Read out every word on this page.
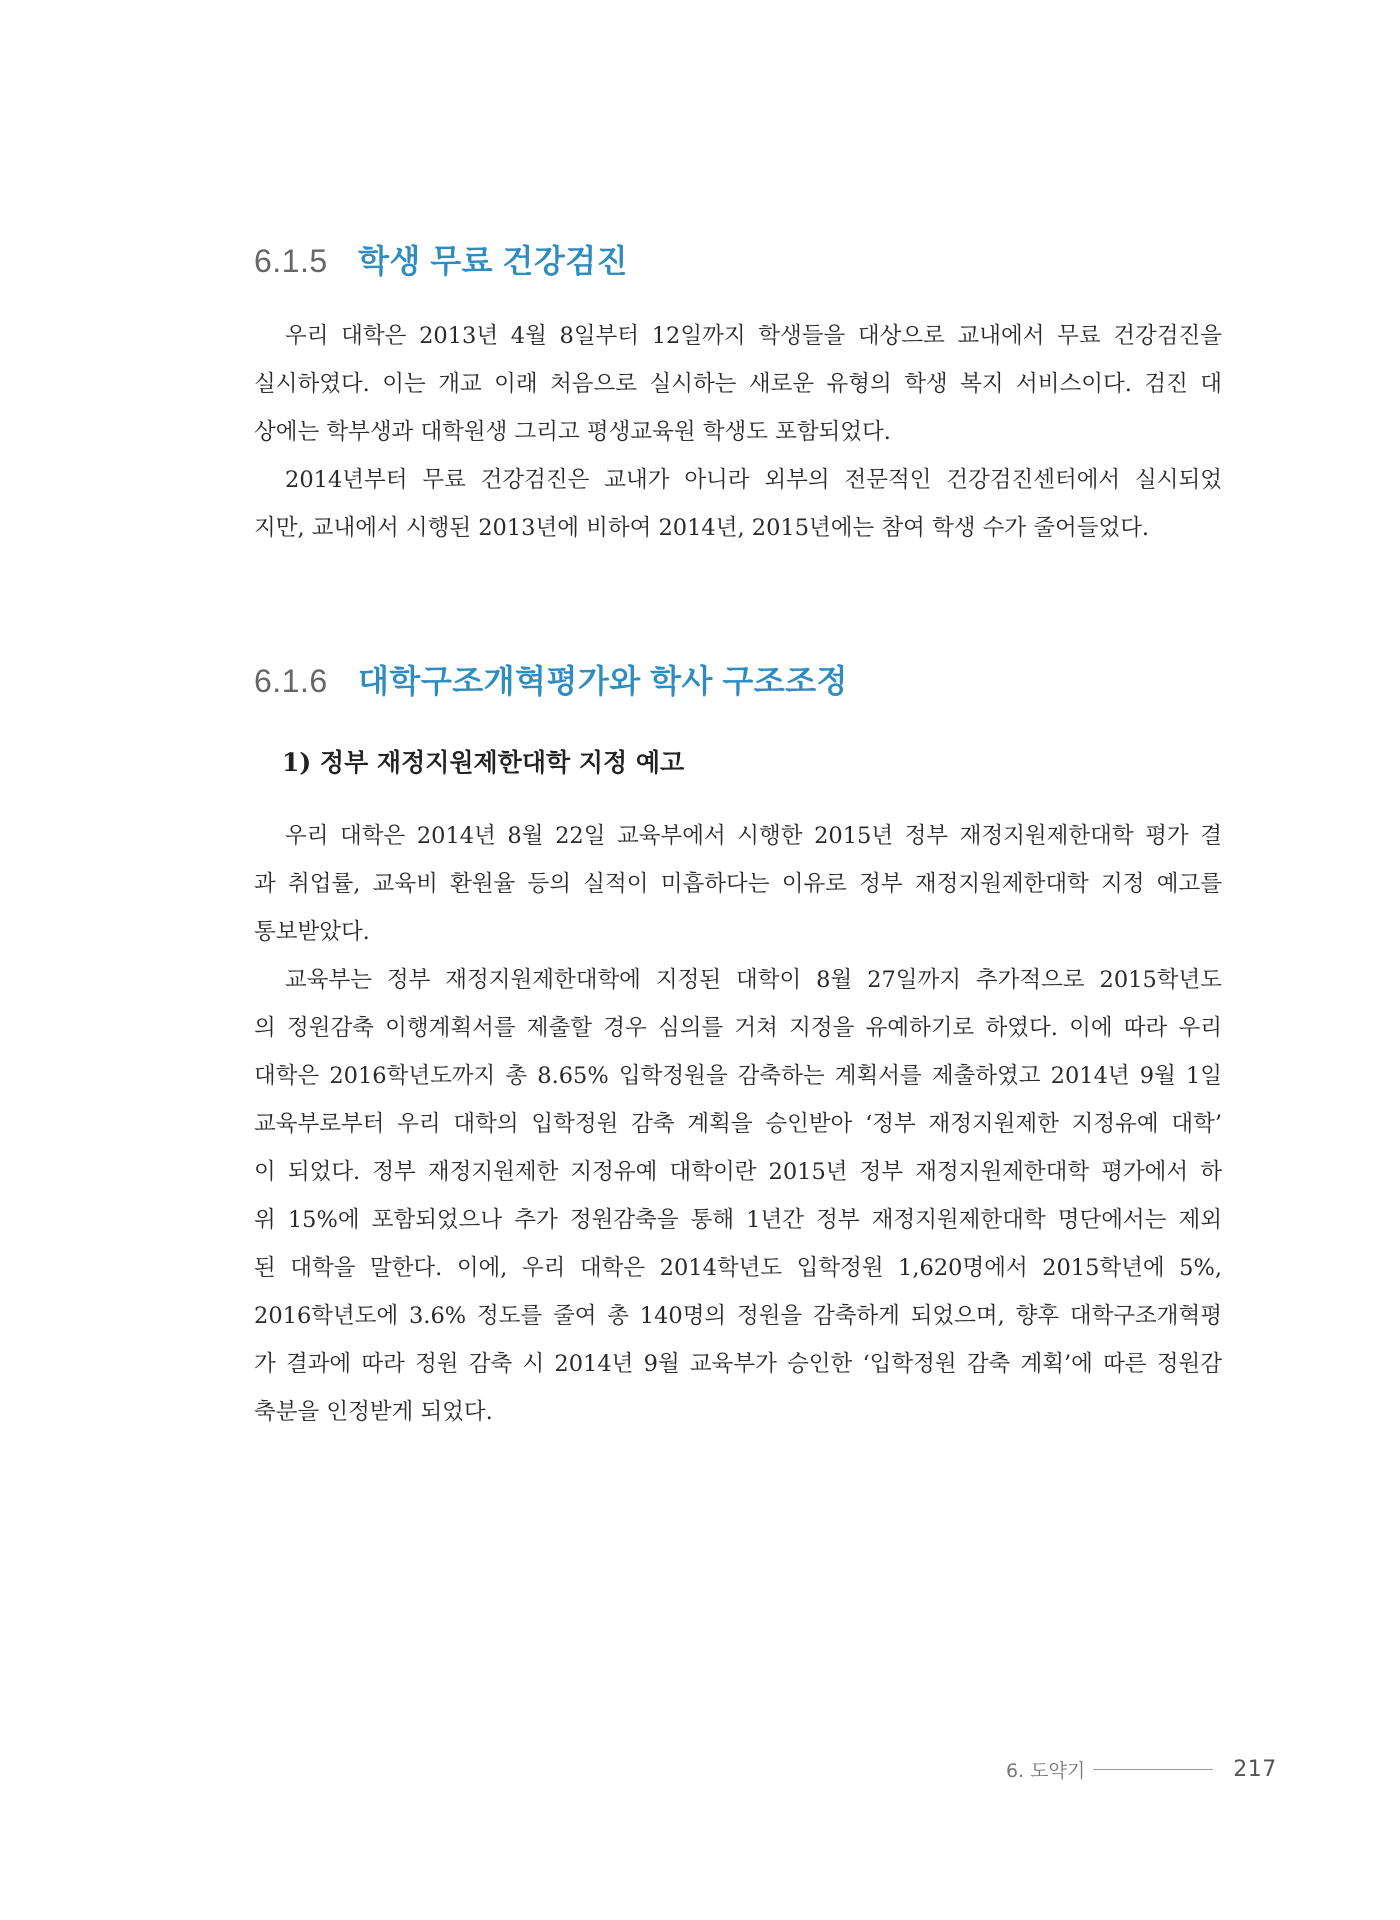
6.1.5 학생 무료 건강검진
우리 대학은 2013년 4월 8일부터 12일까지 학생들을 대상으로 교내에서 무료 건강검진을
실시하였다. 이는 개교 이래 처음으로 실시하는 새로운 유형의 학생 복지 서비스이다. 검진 대
상에는 학부생과 대학원생 그리고 평생교육원 학생도 포함되었다.
2014년부터 무료 건강검진은 교내가 아니라 외부의 전문적인 건강검진센터에서 실시되었
지만, 교내에서 시행된 2013년에 비하여 2014년, 2015년에는 참여 학생 수가 줄어들었다.
6.1.6 대학구조개혁평가와 학사 구조조정
1) 정부 재정지원제한대학 지정 예고
우리 대학은 2014년 8월 22일 교육부에서 시행한 2015년 정부 재정지원제한대학 평가 결
과 취업률, 교육비 환원율 등의 실적이 미흡하다는 이유로 정부 재정지원제한대학 지정 예고를
통보받았다.
교육부는 정부 재정지원제한대학에 지정된 대학이 8월 27일까지 추가적으로 2015학년도
의 정원감축 이행계획서를 제출할 경우 심의를 거쳐 지정을 유예하기로 하였다. 이에 따라 우리
대학은 2016학년도까지 총 8.65% 입학정원을 감축하는 계획서를 제출하였고 2014년 9월 1일
교육부로부터 우리 대학의 입학정원 감축 계획을 승인받아 ‘정부 재정지원제한 지정유예 대학’
이 되었다. 정부 재정지원제한 지정유예 대학이란 2015년 정부 재정지원제한대학 평가에서 하
위 15%에 포함되었으나 추가 정원감축을 통해 1년간 정부 재정지원제한대학 명단에서는 제외
된 대학을 말한다. 이에, 우리 대학은 2014학년도 입학정원 1,620명에서 2015학년에 5%,
2016학년도에 3.6% 정도를 줄여 총 140명의 정원을 감축하게 되었으며, 향후 대학구조개혁평
가 결과에 따라 정원 감축 시 2014년 9월 교육부가 승인한 ‘입학정원 감축 계획’에 따른 정원감
축분을 인정받게 되었다.
6. 도약기	217
